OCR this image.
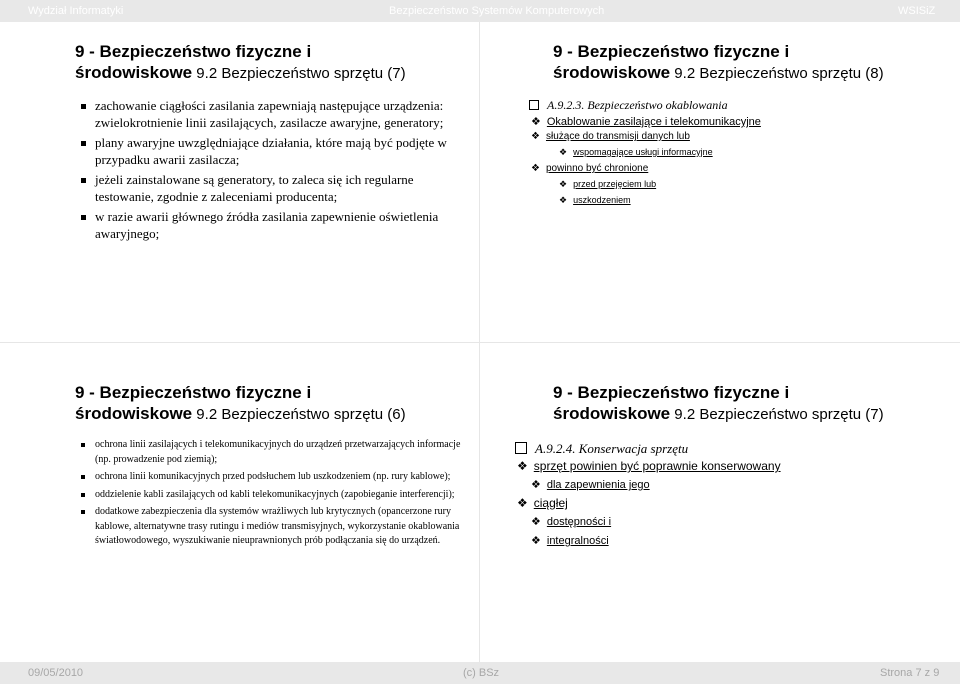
Wydział Informatyki	Bezpieczeństwo Systemów Komputerowych	WSISiZ
9 - Bezpieczeństwo fizyczne i
środowiskowe 9.2 Bezpieczeństwo sprzętu (7)
zachowanie ciągłości zasilania zapewniają następujące urządzenia: zwielokrotnienie linii zasilających, zasilacze awaryjne, generatory;
plany awaryjne uwzględniające działania, które mają być podjęte w przypadku awarii zasilacza;
jeżeli zainstalowane są generatory, to zaleca się ich regularne testowanie, zgodnie z zaleceniami producenta;
w razie awarii głównego źródła zasilania zapewnienie oświetlenia awaryjnego;
9 - Bezpieczeństwo fizyczne i
środowiskowe 9.2 Bezpieczeństwo sprzętu (8)
A.9.2.3. Bezpieczeństwo okablowania
❖ Okablowanie zasilające i telekomunikacyjne
❖ służące do transmisji danych lub
❖ wspomagające usługi informacyjne
❖ powinno być chronione
❖ przed przejęciem lub
❖ uszkodzeniem
9 - Bezpieczeństwo fizyczne i
środowiskowe 9.2 Bezpieczeństwo sprzętu (6)
ochrona linii zasilających i telekomunikacyjnych do urządzeń przetwarzających informacje (np. prowadzenie pod ziemią);
ochrona linii komunikacyjnych przed podsłuchem lub uszkodzeniem (np. rury kablowe);
oddzielenie kabli zasilających od kabli telekomunikacyjnych (zapobieganie interferencji);
dodatkowe zabezpieczenia dla systemów wrażliwych lub krytycznych (opancerzone rury kablowe, alternatywne trasy rutingu i mediów transmisyjnych, wykorzystanie okablowania światłowodowego, wyszukiwanie nieuprawnionych prób podłączania się do urządzeń.
9 - Bezpieczeństwo fizyczne i
środowiskowe 9.2 Bezpieczeństwo sprzętu (7)
A.9.2.4. Konserwacja sprzętu
❖ sprzęt powinien być poprawnie konserwowany
❖ dla zapewnienia jego
❖ ciągłej
❖ dostępności i
❖ integralności
09/05/2010	(c) BSz	Strona 7 z 9
